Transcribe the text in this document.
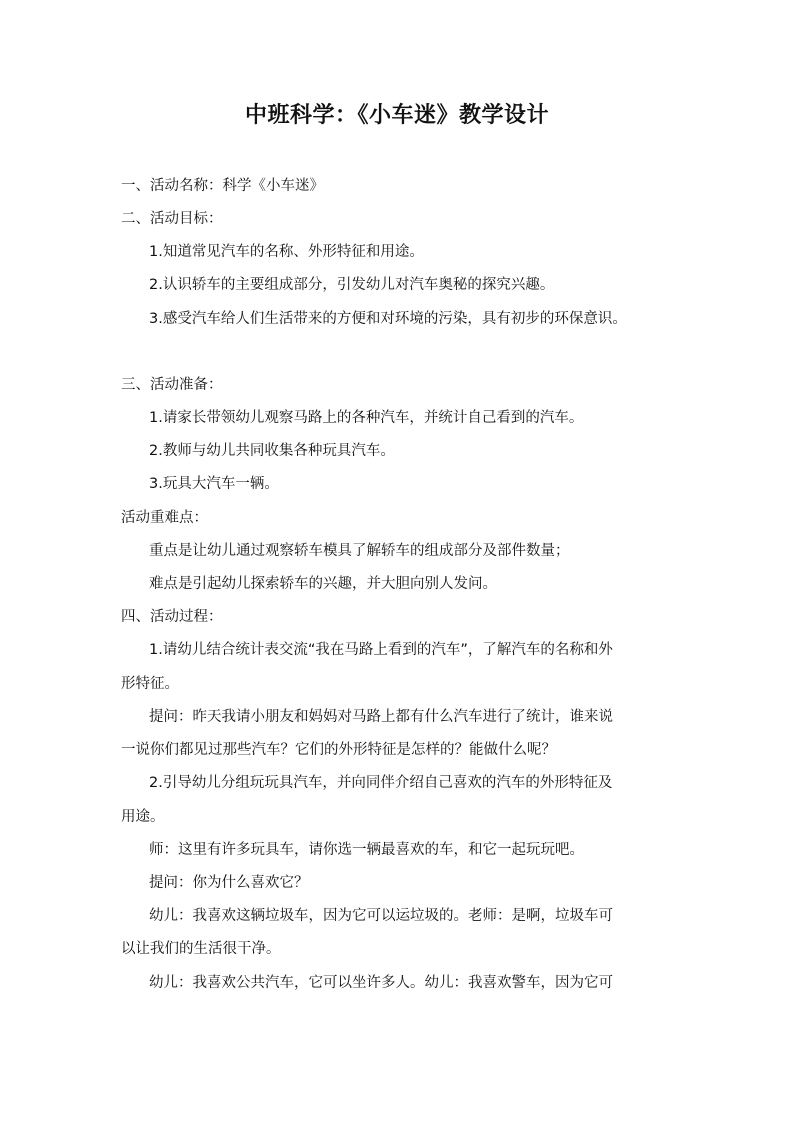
中班科学：《小车迷》教学设计

一、活动名称：科学《小车迷》

二、活动目标：

1.知道常见汽车的名称、外形特征和用途。

2.认识轿车的主要组成部分，引发幼儿对汽车奥秘的探究兴趣。

3.感受汽车给人们生活带来的方便和对环境的污染，具有初步的环保意识。

三、活动准备：

1.请家长带领幼儿观察马路上的各种汽车，并统计自己看到的汽车。

2.教师与幼儿共同收集各种玩具汽车。

3.玩具大汽车一辆。

活动重难点：

重点是让幼儿通过观察轿车模具了解轿车的组成部分及部件数量；

难点是引起幼儿探索轿车的兴趣，并大胆向别人发问。

四、活动过程：

1.请幼儿结合统计表交流“我在马路上看到的汽车”，了解汽车的名称和外

形特征。

提问：昨天我请小朋友和妈妈对马路上都有什么汽车进行了统计，谁来说

一说你们都见过那些汽车？它们的外形特征是怎样的？能做什么呢？

2.引导幼儿分组玩玩具汽车，并向同伴介绍自己喜欢的汽车的外形特征及

用途。

师：这里有许多玩具车，请你选一辆最喜欢的车，和它一起玩玩吧。

提问：你为什么喜欢它？

幼儿：我喜欢这辆垃圾车，因为它可以运垃圾的。老师：是啊，垃圾车可

以让我们的生活很干净。

幼儿：我喜欢公共汽车，它可以坐许多人。幼儿：我喜欢警车，因为它可
